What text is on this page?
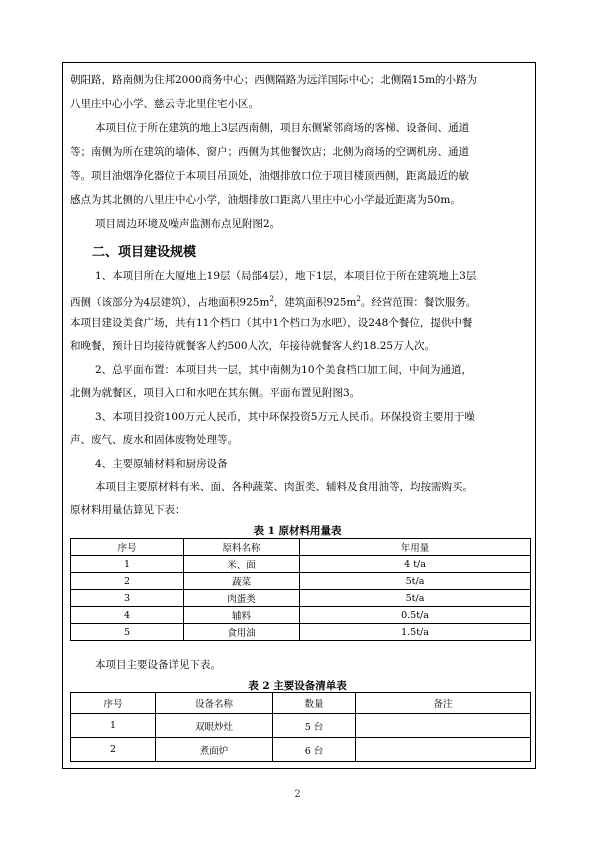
朝阳路，路南侧为住邦2000商务中心；西侧隔路为远洋国际中心；北侧隔15m的小路为
八里庄中心小学、慈云寺北里住宅小区。
本项目位于所在建筑的地上3层西南侧，项目东侧紧邻商场的客梯、设备间、通道
等；南侧为所在建筑的墙体、窗户；西侧为其他餐饮店；北侧为商场的空调机房、通道
等。项目油烟净化器位于本项目吊顶处，油烟排放口位于项目楼顶西侧，距离最近的敏
感点为其北侧的八里庄中心小学，油烟排放口距离八里庄中心小学最近距离为50m。
项目周边环境及噪声监测布点见附图2。
二、项目建设规模
1、本项目所在大厦地上19层（局部4层），地下1层，本项目位于所在建筑地上3层
西侧（该部分为4层建筑），占地面积$925m^2$，建筑面积$925m^2$。经营范围：餐饮服务。
本项目建设美食广场，共有11个档口（其中1个档口为水吧），设248个餐位，提供中餐
和晚餐，预计日均接待就餐客人约500人次，年接待就餐客人约18.25万人次。
2、总平面布置：本项目共一层，其中南侧为10个美食档口加工间，中间为通道，
北侧为就餐区，项目入口和水吧在其东侧。平面布置见附图3。
3、本项目投资100万元人民币，其中环保投资5万元人民币。环保投资主要用于噪
声、废气、废水和固体废物处理等。
4、主要原辅材料和厨房设备
本项目主要原材料有米、面、各种蔬菜、肉蛋类、辅料及食用油等，均按需购买。
原材料用量估算见下表：
表 1 原材料用量表
序号	原料名称	年用量
1	米、面	4 t/a
2	蔬菜	5t/a
3	肉蛋类	5t/a
4	辅料	0.5t/a
5	食用油	1.5t/a
本项目主要设备详见下表。
表 2 主要设备清单表
序号	设备名称	数量	备注
1	双眼炒灶	5 台	
2	煮面炉	6 台	
2
